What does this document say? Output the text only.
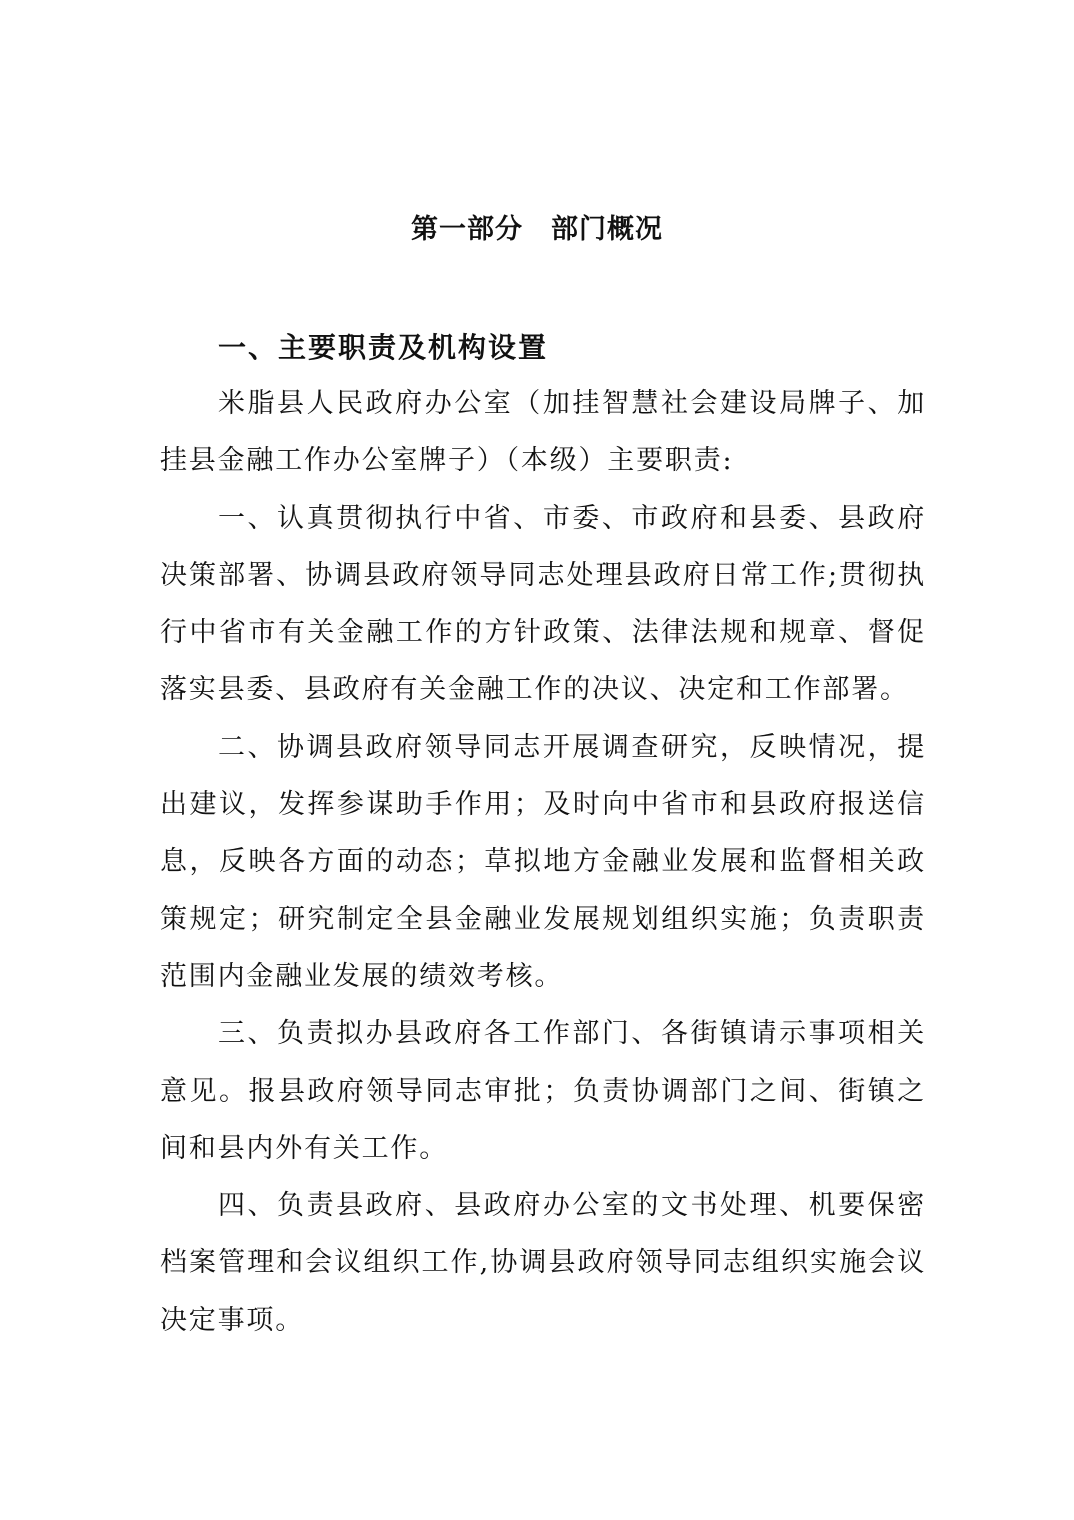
第一部分　部门概况
一、主要职责及机构设置

米脂县人民政府办公室（加挂智慧社会建设局牌子、加挂县金融工作办公室牌子）（本级）主要职责:

一、认真贯彻执行中省、市委、市政府和县委、县政府决策部署、协调县政府领导同志处理县政府日常工作;贯彻执行中省市有关金融工作的方针政策、法律法规和规章、督促落实县委、县政府有关金融工作的决议、决定和工作部署。

二、协调县政府领导同志开展调查研究，反映情况，提出建议，发挥参谋助手作用；及时向中省市和县政府报送信息，反映各方面的动态；草拟地方金融业发展和监督相关政策规定；研究制定全县金融业发展规划组织实施；负责职责范围内金融业发展的绩效考核。

三、负责拟办县政府各工作部门、各街镇请示事项相关意见。报县政府领导同志审批；负责协调部门之间、街镇之间和县内外有关工作。

四、负责县政府、县政府办公室的文书处理、机要保密档案管理和会议组织工作,协调县政府领导同志组织实施会议决定事项。
